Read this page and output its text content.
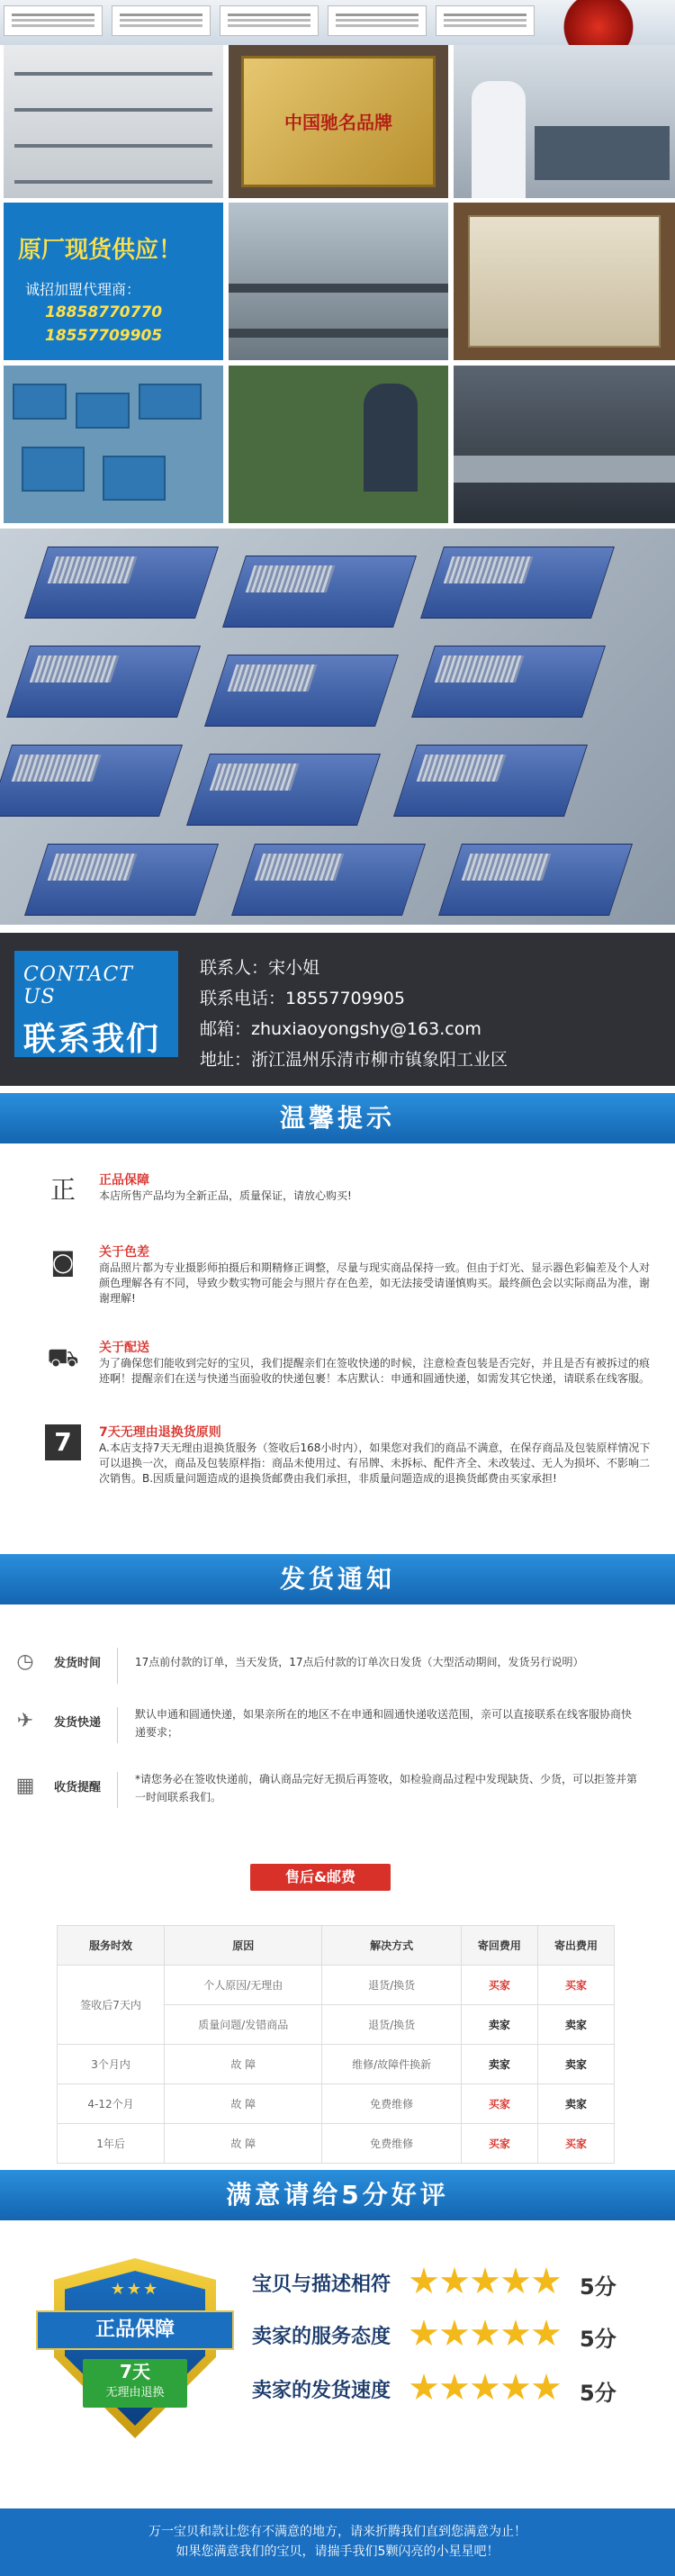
中国驰名品牌
原厂现货供应！
诚招加盟代理商：
18858770770
18557709905
CONTACT US
联系我们
联系人：宋小姐
联系电话：18557709905
邮箱：zhuxiaoyongshy@163.com
地址：浙江温州乐清市柳市镇象阳工业区
温馨提示
正	正品保障
本店所售产品均为全新正品，质量保证，请放心购买!
◙	关于色差
商品照片都为专业摄影师拍摄后和期精修正调整，尽量与现实商品保持一致。但由于灯光、显示器色彩偏差及个人对颜色理解各有不同，导致少数实物可能会与照片存在色差，如无法接受请谨慎购买。最终颜色会以实际商品为准，谢谢理解!
⛟ 关于配送
为了确保您们能收到完好的宝贝，我们提醒亲们在签收快递的时候，注意检查包装是否完好，并且是否有被拆过的痕迹啊！提醒亲们在送与快递当面验收的快递包裹！本店默认：申通和圆通快递，如需发其它快递，请联系在线客服。
7	7天无理由退换货原则
A.本店支持7天无理由退换货服务（签收后168小时内），如果您对我们的商品不满意，在保存商品及包装原样情况下可以退换一次，商品及包装原样指：商品未使用过、有吊牌、未拆标、配件齐全、未改装过、无人为损坏、不影响二次销售。B.因质量问题造成的退换货邮费由我们承担，非质量问题造成的退换货邮费由买家承担!
发货通知
◷	发货时间	17点前付款的订单，当天发货，17点后付款的订单次日发货（大型活动期间，发货另行说明）
✈	发货快递
默认申通和圆通快递，如果亲所在的地区不在申通和圆通快递收送范围，亲可以直接联系在线客服协商快递要求；
▦	收货提醒
*请您务必在签收快递前，确认商品完好无损后再签收，如检验商品过程中发现缺货、少货，可以拒签并第一时间联系我们。
售后&邮费
服务时效	原因	解决方式	寄回费用	寄出费用
签收后7天内	个人原因/无理由	退货/换货	买家	买家
	质量问题/发错商品	退货/换货	卖家	卖家
3个月内	故 障	维修/故障件换新	卖家	卖家
4-12个月	故 障	免费维修	买家	卖家
1年后	故 障	免费维修	买家	买家
满意请给5分好评
★★★
正品保障
7天
无理由退换
宝贝与描述相符	5分
卖家的服务态度	5分
卖家的发货速度	5分
万一宝贝和款让您有不满意的地方，请来折腾我们直到您满意为止！
如果您满意我们的宝贝，请揣手我们5颗闪亮的小星星吧！
